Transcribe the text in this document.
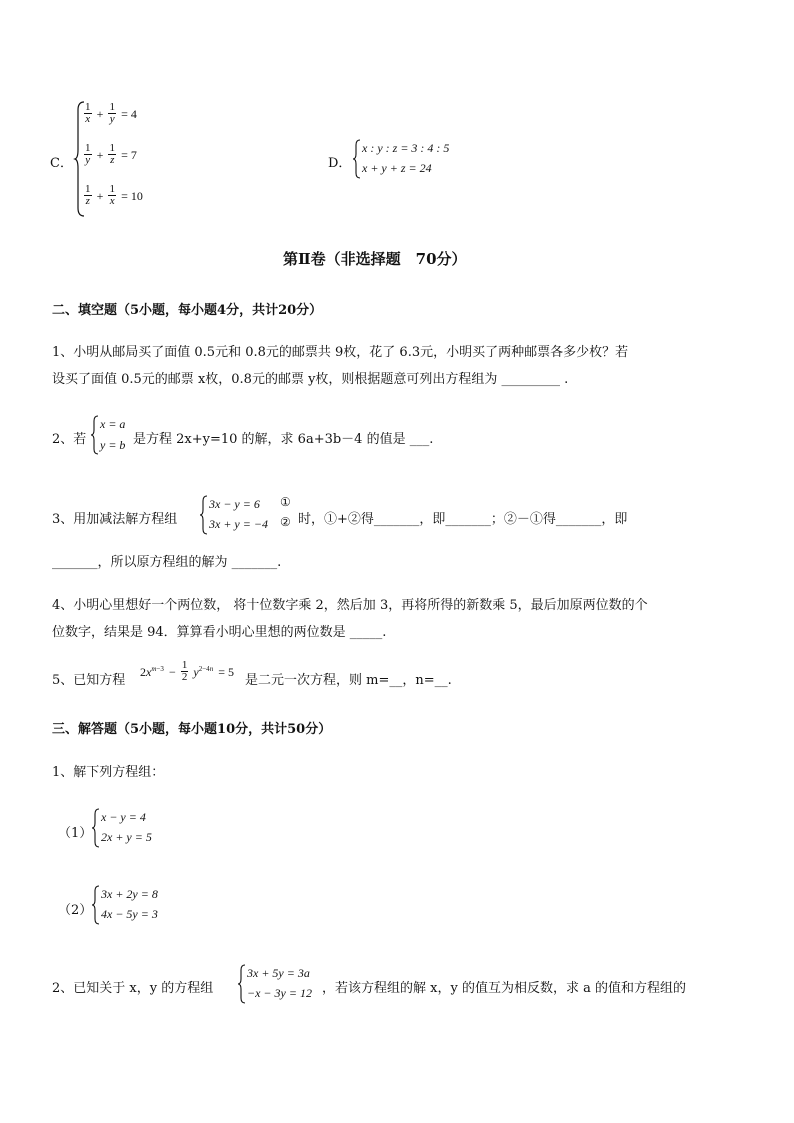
C．
$\frac{1}{x} + \frac{1}{y} = 4$
$\frac{1}{y} + \frac{1}{z} = 7$
$\frac{1}{z} + \frac{1}{x} = 10$
D．
x : y : z = 3 : 4 : 5
x + y + z = 24
第Ⅱ卷（非选择题　70分）
二、填空题（5小题，每小题4分，共计20分）
1、小明从邮局买了面值 0.5元和 0.8元的邮票共 9枚，花了 6.3元，小明买了两种邮票各多少枚？若
设买了面值 0.5元的邮票 x枚，0.8元的邮票 y枚，则根据题意可列出方程组为 _________ .
2、若
x = a
y = b 是方程 2x+y=10 的解，求 6a+3b－4 的值是 ___.
3、用加减法解方程组
3x − y = 6
3x + y = −4
①
② 时，①+②得_______，即_______；②－①得_______，即
_______，所以原方程组的解为 _______.
4、小明心里想好一个两位数， 将十位数字乘 2，然后加 3，再将所得的新数乘 5，最后加原两位数的个
位数字，结果是 94．算算看小明心里想的两位数是 _____.
5、已知方程
$2x^{m-3} - \frac{1}{2} y^{2-4n} = 5$
是二元一次方程，则 m=__，n=__.
三、解答题（5小题，每小题10分，共计50分）
1、解下列方程组：
（1）
x − y = 4
2x + y = 5
（2）
3x + 2y = 8
4x − 5y = 3
2、已知关于 x，y 的方程组
3x + 5y = 3a
−x − 3y = 12 ，若该方程组的解 x，y 的值互为相反数，求 a 的值和方程组的
